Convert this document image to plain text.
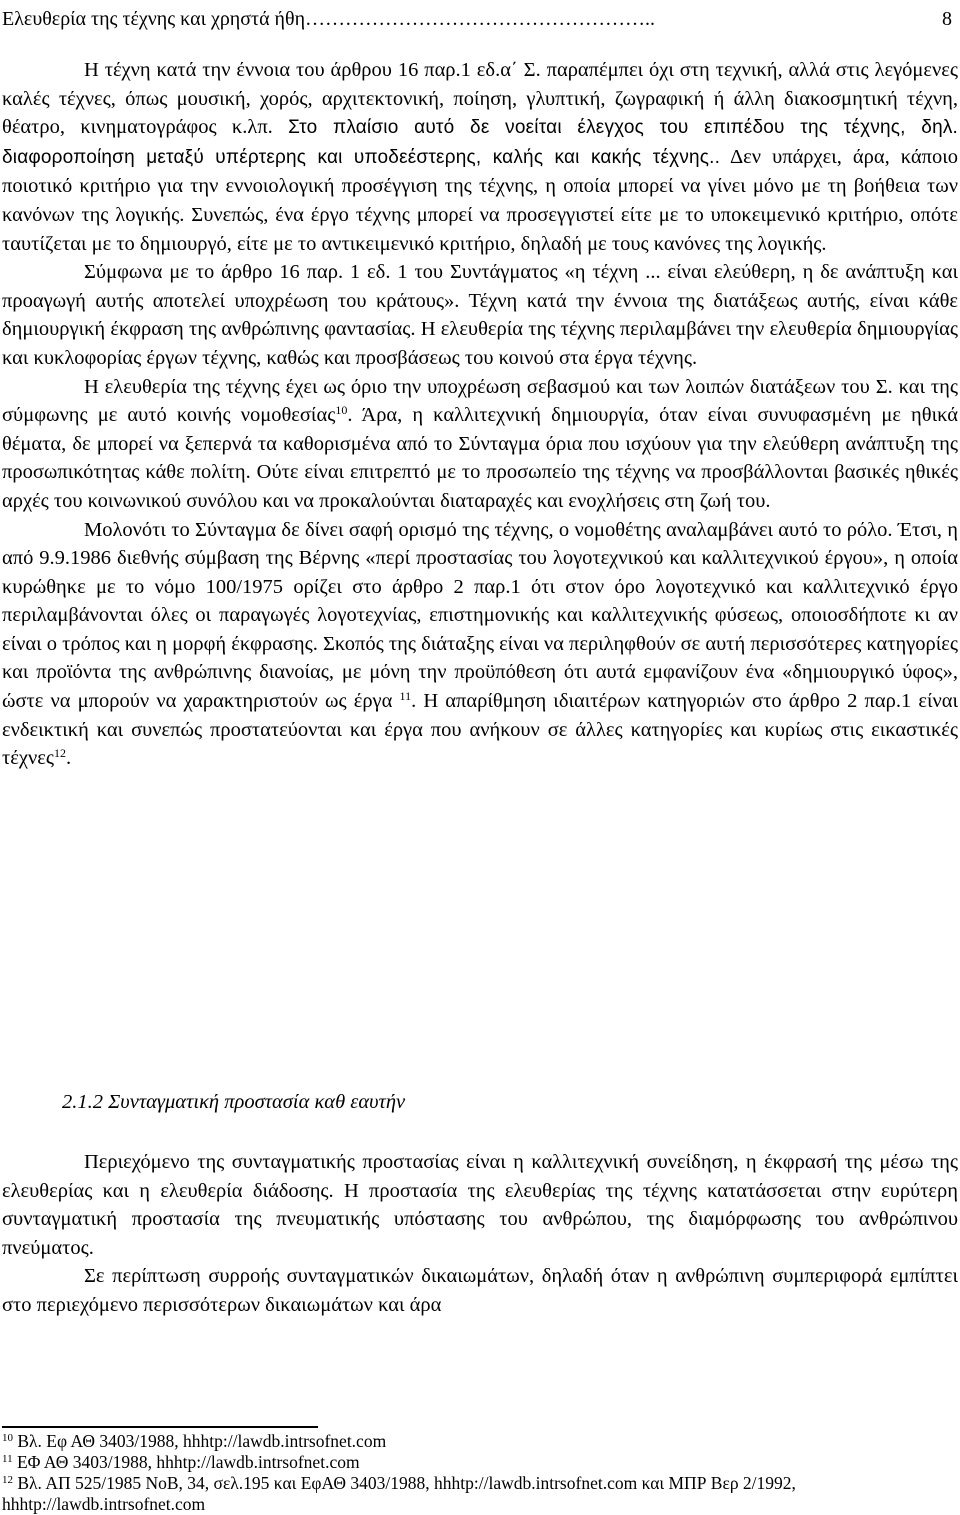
Ελευθερία της τέχνης και χρηστά ήθη……………………………………………..	8

Η τέχνη κατά την έννοια του άρθρου 16 παρ.1 εδ.α΄ Σ. παραπέμπει όχι στη τεχνική, αλλά στις λεγόμενες καλές τέχνες, όπως μουσική, χορός, αρχιτεκτονική, ποίηση, γλυπτική, ζωγραφική ή άλλη διακοσμητική τέχνη, θέατρο, κινηματογράφος κ.λπ. Στο πλαίσιο αυτό δε νοείται έλεγχος του επιπέδου της τέχνης, δηλ. διαφοροποίηση μεταξύ υπέρτερης και υποδεέστερης, καλής και κακής τέχνης.. Δεν υπάρχει, άρα, κάποιο ποιοτικό κριτήριο για την εννοιολογική προσέγγιση της τέχνης, η οποία μπορεί να γίνει μόνο με τη βοήθεια των κανόνων της λογικής. Συνεπώς, ένα έργο τέχνης μπορεί να προσεγγιστεί είτε με το υποκειμενικό κριτήριο, οπότε ταυτίζεται με το δημιουργό, είτε με το αντικειμενικό κριτήριο, δηλαδή με τους κανόνες της λογικής.

Σύμφωνα με το άρθρο 16 παρ. 1 εδ. 1 του Συντάγματος «η τέχνη ... είναι ελεύθερη, η δε ανάπτυξη και προαγωγή αυτής αποτελεί υποχρέωση του κράτους». Τέχνη κατά την έννοια της διατάξεως αυτής, είναι κάθε δημιουργική έκφραση της ανθρώπινης φαντασίας. Η ελευθερία της τέχνης περιλαμβάνει την ελευθερία δημιουργίας και κυκλοφορίας έργων τέχνης, καθώς και προσβάσεως του κοινού στα έργα τέχνης.

Η ελευθερία της τέχνης έχει ως όριο την υποχρέωση σεβασμού και των λοιπών διατάξεων του Σ. και της σύμφωνης με αυτό κοινής νομοθεσίας$^{10}$. Άρα, η καλλιτεχνική δημιουργία, όταν είναι συνυφασμένη με ηθικά θέματα, δε μπορεί να ξεπερνά τα καθορισμένα από το Σύνταγμα όρια που ισχύουν για την ελεύθερη ανάπτυξη της προσωπικότητας κάθε πολίτη. Ούτε είναι επιτρεπτό με το προσωπείο της τέχνης να προσβάλλονται βασικές ηθικές αρχές του κοινωνικού συνόλου και να προκαλούνται διαταραχές και ενοχλήσεις στη ζωή του.

Μολονότι το Σύνταγμα δε δίνει σαφή ορισμό της τέχνης, ο νομοθέτης αναλαμβάνει αυτό το ρόλο. Έτσι, η από 9.9.1986 διεθνής σύμβαση της Βέρνης «περί προστασίας του λογοτεχνικού και καλλιτεχνικού έργου», η οποία κυρώθηκε με το νόμο 100/1975 ορίζει στο άρθρο 2 παρ.1 ότι στον όρο λογοτεχνικό και καλλιτεχνικό έργο περιλαμβάνονται όλες οι παραγωγές λογοτεχνίας, επιστημονικής και καλλιτεχνικής φύσεως, οποιοσδήποτε κι αν είναι ο τρόπος και η μορφή έκφρασης. Σκοπός της διάταξης είναι να περιληφθούν σε αυτή περισσότερες κατηγορίες και προϊόντα της ανθρώπινης διανοίας, με μόνη την προϋπόθεση ότι αυτά εμφανίζουν ένα «δημιουργικό ύφος», ώστε να μπορούν να χαρακτηριστούν ως έργα $^{11}$. Η απαρίθμηση ιδιαιτέρων κατηγοριών στο άρθρο 2 παρ.1 είναι ενδεικτική και συνεπώς προστατεύονται και έργα που ανήκουν σε άλλες κατηγορίες και κυρίως στις εικαστικές τέχνες$^{12}$.

2.1.2 Συνταγματική προστασία καθ εαυτήν

Περιεχόμενο της συνταγματικής προστασίας είναι η καλλιτεχνική συνείδηση, η έκφρασή της μέσω της ελευθερίας και η ελευθερία διάδοσης. Η προστασία της ελευθερίας της τέχνης κατατάσσεται στην ευρύτερη συνταγματική προστασία της πνευματικής υπόστασης του ανθρώπου, της διαμόρφωσης του ανθρώπινου πνεύματος.

Σε περίπτωση συρροής συνταγματικών δικαιωμάτων, δηλαδή όταν η ανθρώπινη συμπεριφορά εμπίπτει στο περιεχόμενο περισσότερων δικαιωμάτων και άρα

$^{10}$ Βλ. Εφ ΑΘ 3403/1988, hhhtp://lawdb.intrsofnet.com

$^{11}$ ΕΦ ΑΘ 3403/1988, hhhtp://lawdb.intrsofnet.com

$^{12}$ Βλ. ΑΠ 525/1985 ΝοΒ, 34, σελ.195 και ΕφΑΘ 3403/1988, hhhtp://lawdb.intrsofnet.com και ΜΠΡ Βερ 2/1992, hhhtp://lawdb.intrsofnet.com
